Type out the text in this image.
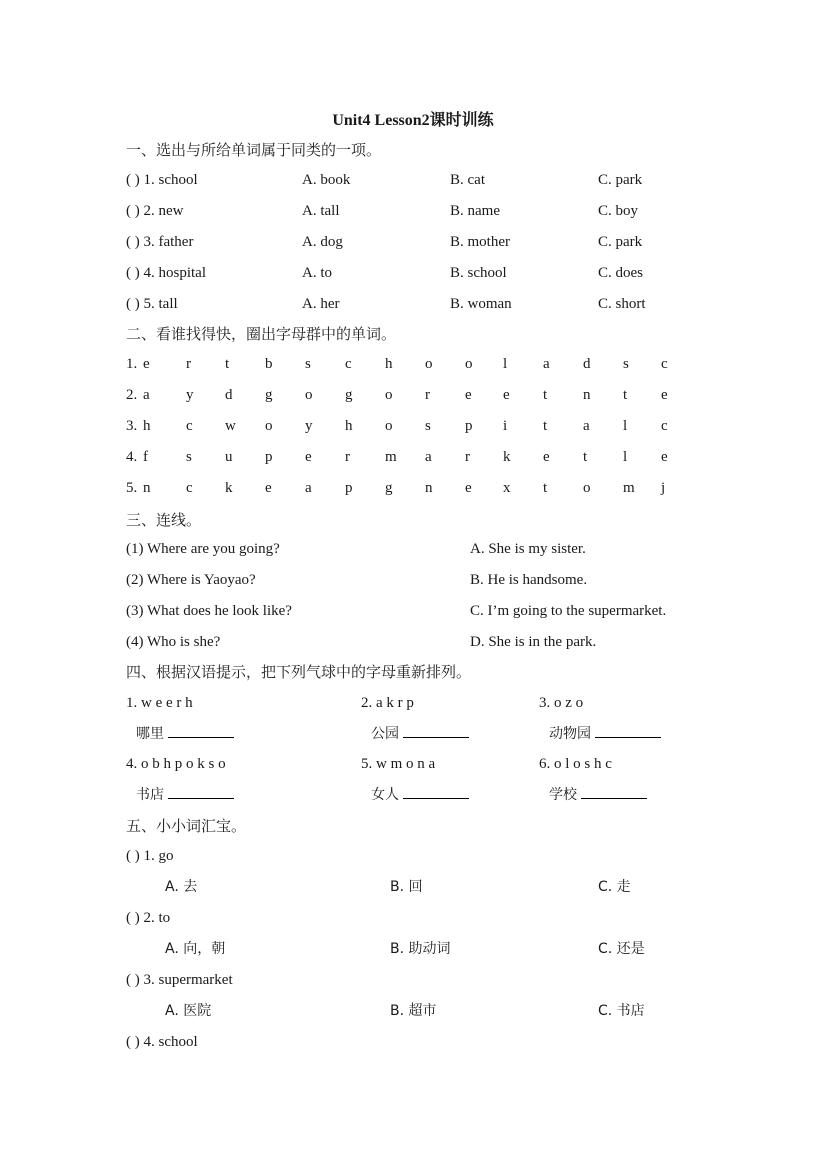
Unit4 Lesson2课时训练
一、选出与所给单词属于同类的一项。
( ) 1. school	A. book	B. cat	C. park
( ) 2. new	A. tall	B. name	C. boy
( ) 3. father	A. dog	B. mother	C. park
( ) 4. hospital	A. to	B. school	C. does
( ) 5. tall	A. her	B. woman	C. short
二、看谁找得快，圈出字母群中的单词。
1. e r t b s c h o o l a d s c
2. a y d g o g o r e e t n t e
3. h c w o y h o s p i t a l c
4. f	s u p e r m a r k e t l e
5. n c k e a p g n e x t o m j
三、连线。
(1) Where are you going?
(2) Where is Yaoyao?
(3) What does he look like?
(4) Who is she?
A. She is my sister.
B. He is handsome.
C. I’m going to the supermarket.
D. She is in the park.
四、根据汉语提示，把下列气球中的字母重新排列。
1. w e e r h
哪里
2. a k r p
公园
3. o z o
动物园
4. o b h p o k s o
书店
5. w m o n a
女人
6. o l o s h c
学校
五、小小词汇宝。
( ) 1. go
A. 去	B. 回	C. 走
( ) 2. to
A. 向，朝	B. 助动词	C. 还是
( ) 3. supermarket
A. 医院	B. 超市	C. 书店
( ) 4. school
